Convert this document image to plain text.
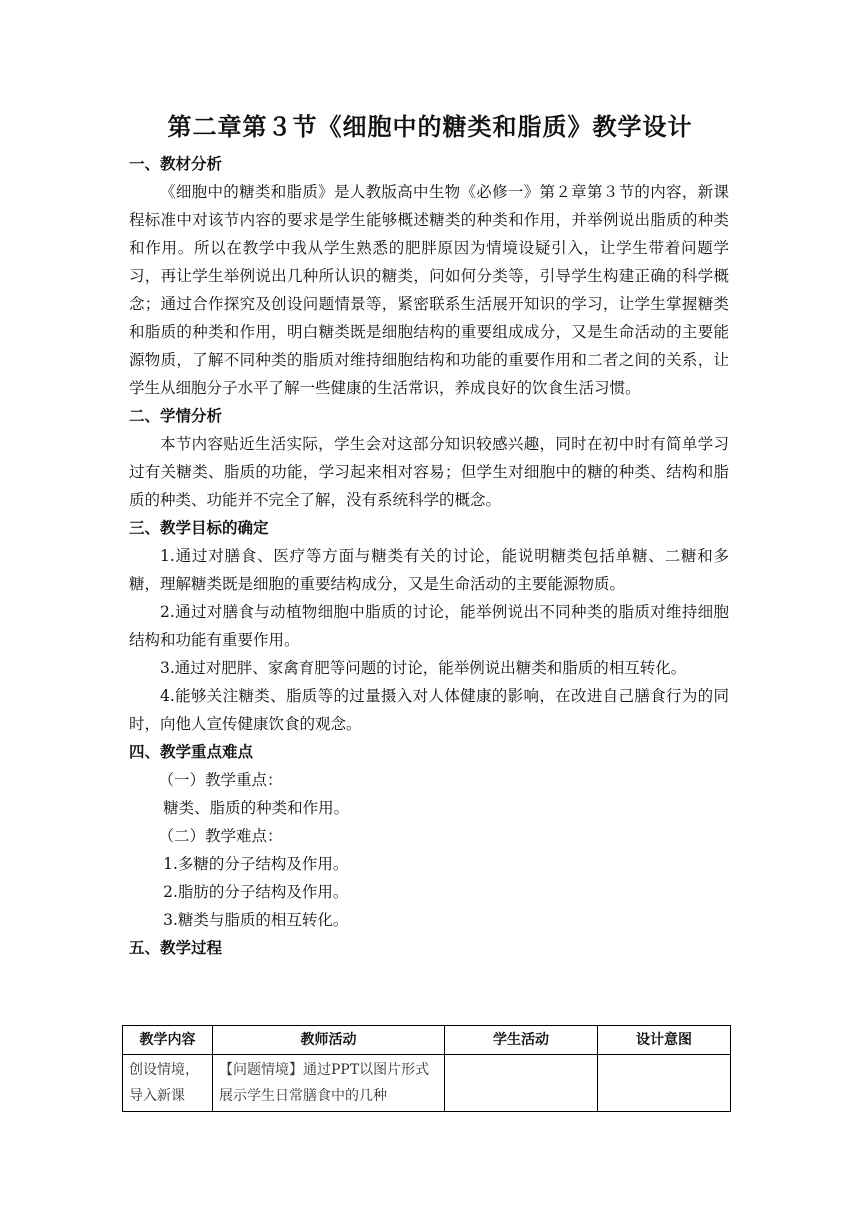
第二章第３节《细胞中的糖类和脂质》教学设计
一、教材分析

《细胞中的糖类和脂质》是人教版高中生物《必修一》第２章第３节的内容，新课程标准中对该节内容的要求是学生能够概述糖类的种类和作用，并举例说出脂质的种类和作用。所以在教学中我从学生熟悉的肥胖原因为情境设疑引入，让学生带着问题学习，再让学生举例说出几种所认识的糖类，问如何分类等，引导学生构建正确的科学概念；通过合作探究及创设问题情景等，紧密联系生活展开知识的学习，让学生掌握糖类和脂质的种类和作用，明白糖类既是细胞结构的重要组成成分，又是生命活动的主要能源物质，了解不同种类的脂质对维持细胞结构和功能的重要作用和二者之间的关系，让学生从细胞分子水平了解一些健康的生活常识，养成良好的饮食生活习惯。

二、学情分析

本节内容贴近生活实际，学生会对这部分知识较感兴趣，同时在初中时有简单学习过有关糖类、脂质的功能，学习起来相对容易；但学生对细胞中的糖的种类、结构和脂质的种类、功能并不完全了解，没有系统科学的概念。

三、教学目标的确定

1.通过对膳食、医疗等方面与糖类有关的讨论，能说明糖类包括单糖、二糖和多糖，理解糖类既是细胞的重要结构成分，又是生命活动的主要能源物质。

2.通过对膳食与动植物细胞中脂质的讨论，能举例说出不同种类的脂质对维持细胞结构和功能有重要作用。

3.通过对肥胖、家禽育肥等问题的讨论，能举例说出糖类和脂质的相互转化。

4.能够关注糖类、脂质等的过量摄入对人体健康的影响，在改进自己膳食行为的同时，向他人宣传健康饮食的观念。

四、教学重点难点

（一）教学重点：

糖类、脂质的种类和作用。

（二）教学难点：

1.多糖的分子结构及作用。

2.脂肪的分子结构及作用。

3.糖类与脂质的相互转化。

五、教学过程
教学内容	教师活动	学生活动	设计意图
创设情境，导入新课	【问题情境】通过PPT以图片形式展示学生日常膳食中的几种		
